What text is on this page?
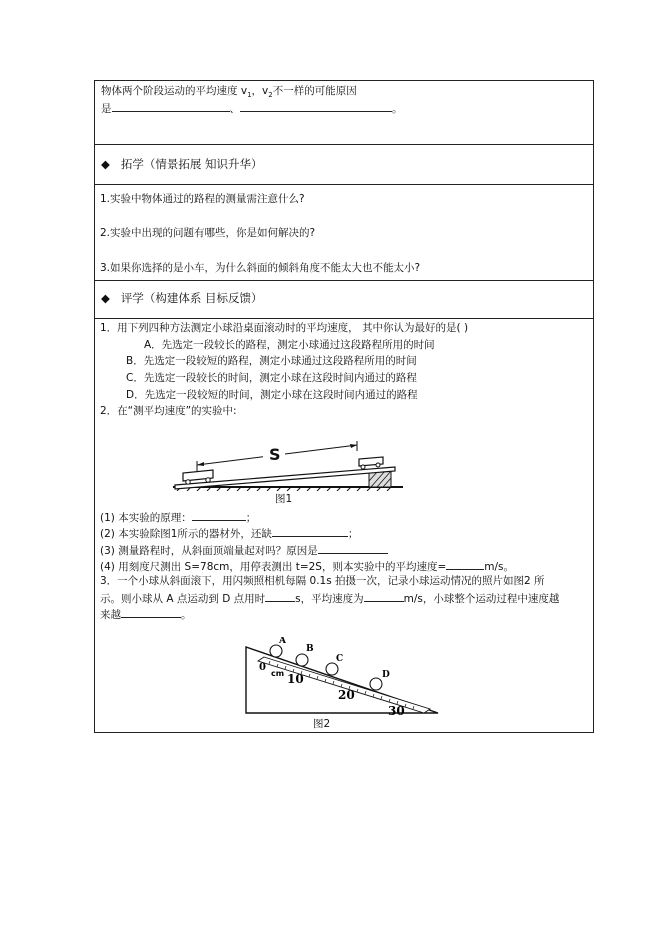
物体两个阶段运动的平均速度 $v_1$，$v_2$不一样的可能原因
是	、	。
◆ 拓学（情景拓展 知识升华）
1.实验中物体通过的路程的测量需注意什么?
2.实验中出现的问题有哪些，你是如何解决的?
3.如果你选择的是小车，为什么斜面的倾斜角度不能太大也不能太小?
◆ 评学（构建体系 目标反馈）
1．用下列四种方法测定小球沿桌面滚动时的平均速度， 其中你认为最好的是( )
A．先选定一段较长的路程，测定小球通过这段路程所用的时间
B．先选定一段较短的路程，测定小球通过这段路程所用的时间
C．先选定一段较长的时间，测定小球在这段时间内通过的路程
D．先选定一段较短的时间，测定小球在这段时间内通过的路程
2．在“测平均速度”的实验中:
S
图1
(1) 本实验的原理：	；
(2) 本实验除图1所示的器材外，还缺	；
(3) 测量路程时，从斜面顶端量起对吗？原因是
(4) 用刻度尺测出 S=78cm，用停表测出 t=2S，则本实验中的平均速度=	m/s。
3．一个小球从斜面滚下，用闪频照相机每隔 0.1s 拍摄一次，记录小球运动情况的照片如图2 所
示。则小球从 A 点运动到 D 点用时	s，平均速度为	m/s，小球整个运动过程中速度越
来越	。
A
B
C
D
0
cm 10
20
30
图2
